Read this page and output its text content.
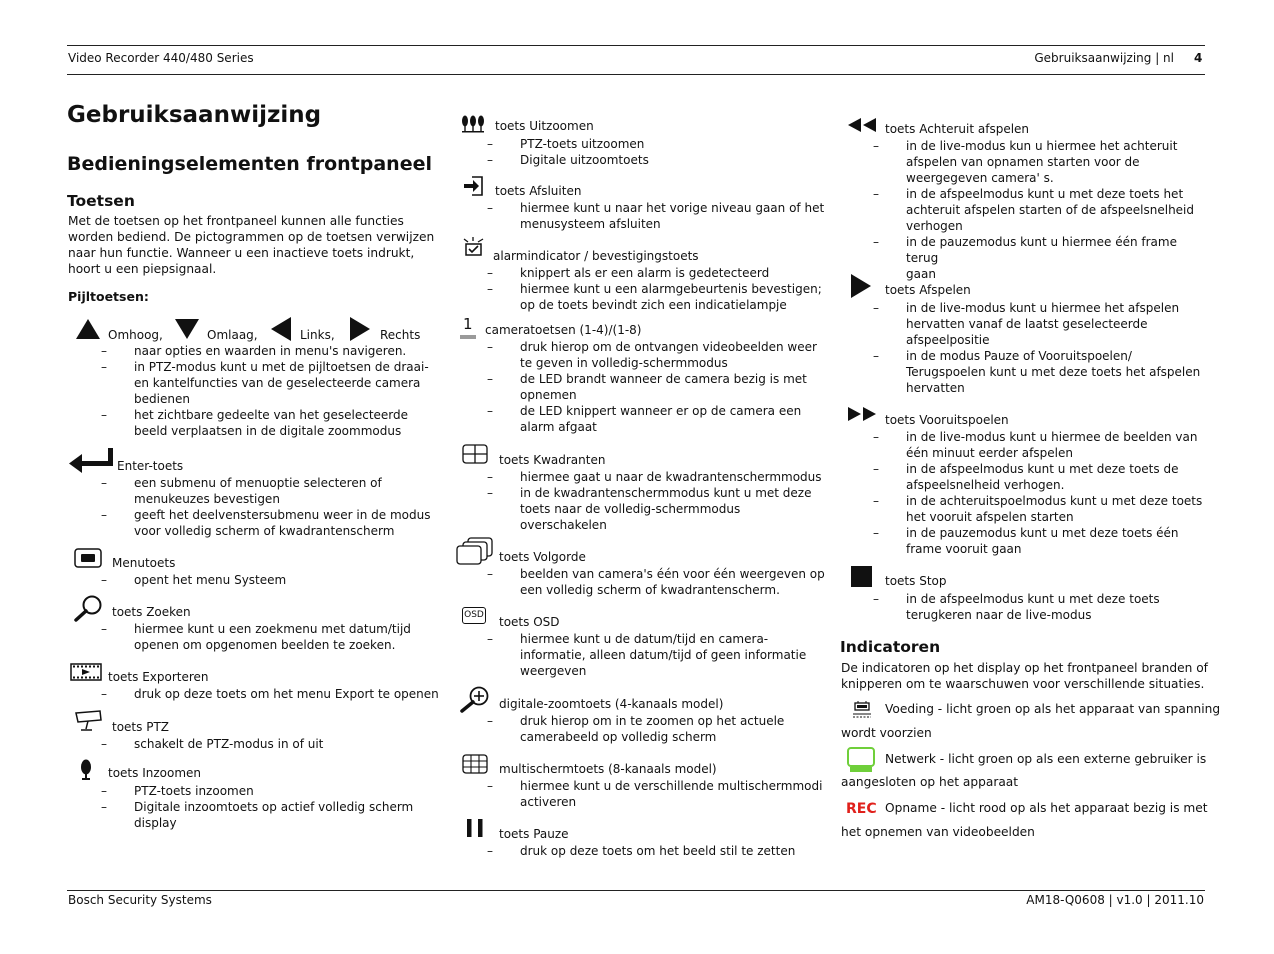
Video Recorder 440/480 Series	Gebruiksaanwijzing | nl 4
Bosch Security Systems	AM18-Q0608 | v1.0 | 2011.10
Gebruiksaanwijzing
Bedieningselementen frontpaneel
Toetsen
Met de toetsen op het frontpaneel kunnen alle functies
worden bediend. De pictogrammen op de toetsen verwijzen
naar hun functie. Wanneer u een inactieve toets indrukt,
hoort u een piepsignaal.
Pijltoetsen:
Omhoog,	Omlaag,	Links,	Rechts
– naar opties en waarden in menu's navigeren.
– in PTZ-modus kunt u met de pijltoetsen de draai-
en kantelfuncties van de geselecteerde camera
bedienen
– het zichtbare gedeelte van het geselecteerde
beeld verplaatsen in de digitale zoommodus
Enter-toets
– een submenu of menuoptie selecteren of
menukeuzes bevestigen
– geeft het deelvenstersubmenu weer in de modus
voor volledig scherm of kwadrantenscherm
Menutoets
– opent het menu Systeem
toets Zoeken
– hiermee kunt u een zoekmenu met datum/tijd
openen om opgenomen beelden te zoeken.
toets Exporteren
– druk op deze toets om het menu Export te openen
toets PTZ
– schakelt de PTZ-modus in of uit
toets Inzoomen
– PTZ-toets inzoomen
– Digitale inzoomtoets op actief volledig scherm
display
toets Uitzoomen
– PTZ-toets uitzoomen
– Digitale uitzoomtoets
toets Afsluiten
– hiermee kunt u naar het vorige niveau gaan of het
menusysteem afsluiten
alarmindicator / bevestigingstoets
– knippert als er een alarm is gedetecteerd
– hiermee kunt u een alarmgebeurtenis bevestigen;
op de toets bevindt zich een indicatielampje
1 cameratoetsen (1-4)/(1-8)
– druk hierop om de ontvangen videobeelden weer
te geven in volledig-schermmodus
– de LED brandt wanneer de camera bezig is met
opnemen
– de LED knippert wanneer er op de camera een
alarm afgaat
toets Kwadranten
– hiermee gaat u naar de kwadrantenschermmodus
– in de kwadrantenschermmodus kunt u met deze
toets naar de volledig-schermmodus
overschakelen
toets Volgorde
– beelden van camera's één voor één weergeven op
een volledig scherm of kwadrantenscherm.
OSD toets OSD
– hiermee kunt u de datum/tijd en camera-
informatie, alleen datum/tijd of geen informatie
weergeven
digitale-zoomtoets (4-kanaals model)
– druk hierop om in te zoomen op het actuele
camerabeeld op volledig scherm
multischermtoets (8-kanaals model)
– hiermee kunt u de verschillende multischermmodi
activeren
toets Pauze
– druk op deze toets om het beeld stil te zetten
toets Achteruit afspelen
– in de live-modus kun u hiermee het achteruit
afspelen van opnamen starten voor de
weergegeven camera' s.
– in de afspeelmodus kunt u met deze toets het
achteruit afspelen starten of de afspeelsnelheid
verhogen
– in de pauzemodus kunt u hiermee één frame terug
gaan
toets Afspelen
– in de live-modus kunt u hiermee het afspelen
hervatten vanaf de laatst geselecteerde
afspeelpositie
– in de modus Pauze of Vooruitspoelen/
Terugspoelen kunt u met deze toets het afspelen
hervatten
toets Vooruitspoelen
– in de live-modus kunt u hiermee de beelden van
één minuut eerder afspelen
– in de afspeelmodus kunt u met deze toets de
afspeelsnelheid verhogen.
– in de achteruitspoelmodus kunt u met deze toets
het vooruit afspelen starten
– in de pauzemodus kunt u met deze toets één
frame vooruit gaan
toets Stop
– in de afspeelmodus kunt u met deze toets
terugkeren naar de live-modus
Indicatoren
De indicatoren op het display op het frontpaneel branden of
knipperen om te waarschuwen voor verschillende situaties.
Voeding - licht groen op als het apparaat van spanning
wordt voorzien
Netwerk - licht groen op als een externe gebruiker is
aangesloten op het apparaat
REC Opname - licht rood op als het apparaat bezig is met
het opnemen van videobeelden
